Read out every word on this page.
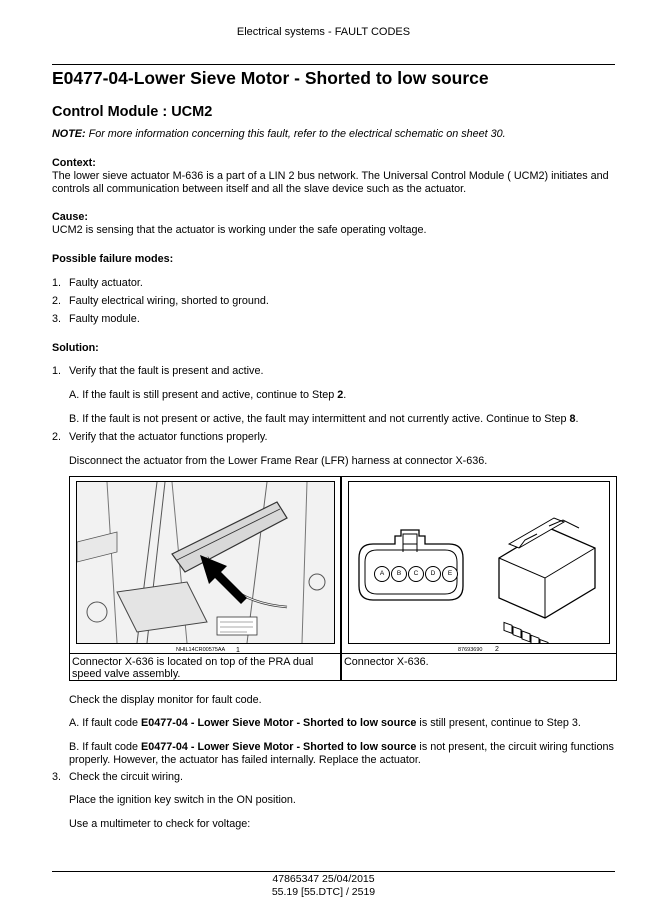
Electrical systems - FAULT CODES
E0477-04-Lower Sieve Motor - Shorted to low source
Control Module : UCM2
NOTE: For more information concerning this fault, refer to the electrical schematic on sheet 30.
Context:
The lower sieve actuator M-636 is a part of a LIN 2 bus network. The Universal Control Module ( UCM2) initiates and controls all communication between itself and all the slave device such as the actuator.
Cause:
UCM2 is sensing that the actuator is working under the safe operating voltage.
Possible failure modes:
1. Faulty actuator.
2. Faulty electrical wiring, shorted to ground.
3. Faulty module.
Solution:
1. Verify that the fault is present and active.
A. If the fault is still present and active, continue to Step 2.
B. If the fault is not present or active, the fault may intermittent and not currently active. Continue to Step 8.
2. Verify that the actuator functions properly.
Disconnect the actuator from the Lower Frame Rear (LFR) harness at connector X-636.
NHIL14CR00575AA 1
Connector X-636 is located on top of the PRA dual speed valve assembly.
A	B	C	D	E
87693690 2
Connector X-636.
Check the display monitor for fault code.
A. If fault code E0477-04 - Lower Sieve Motor - Shorted to low source is still present, continue to Step 3.
B. If fault code E0477-04 - Lower Sieve Motor - Shorted to low source is not present, the circuit wiring functions properly. However, the actuator has failed internally. Replace the actuator.
3. Check the circuit wiring.
Place the ignition key switch in the ON position.
Use a multimeter to check for voltage:
47865347 25/04/2015
55.19 [55.DTC] / 2519
